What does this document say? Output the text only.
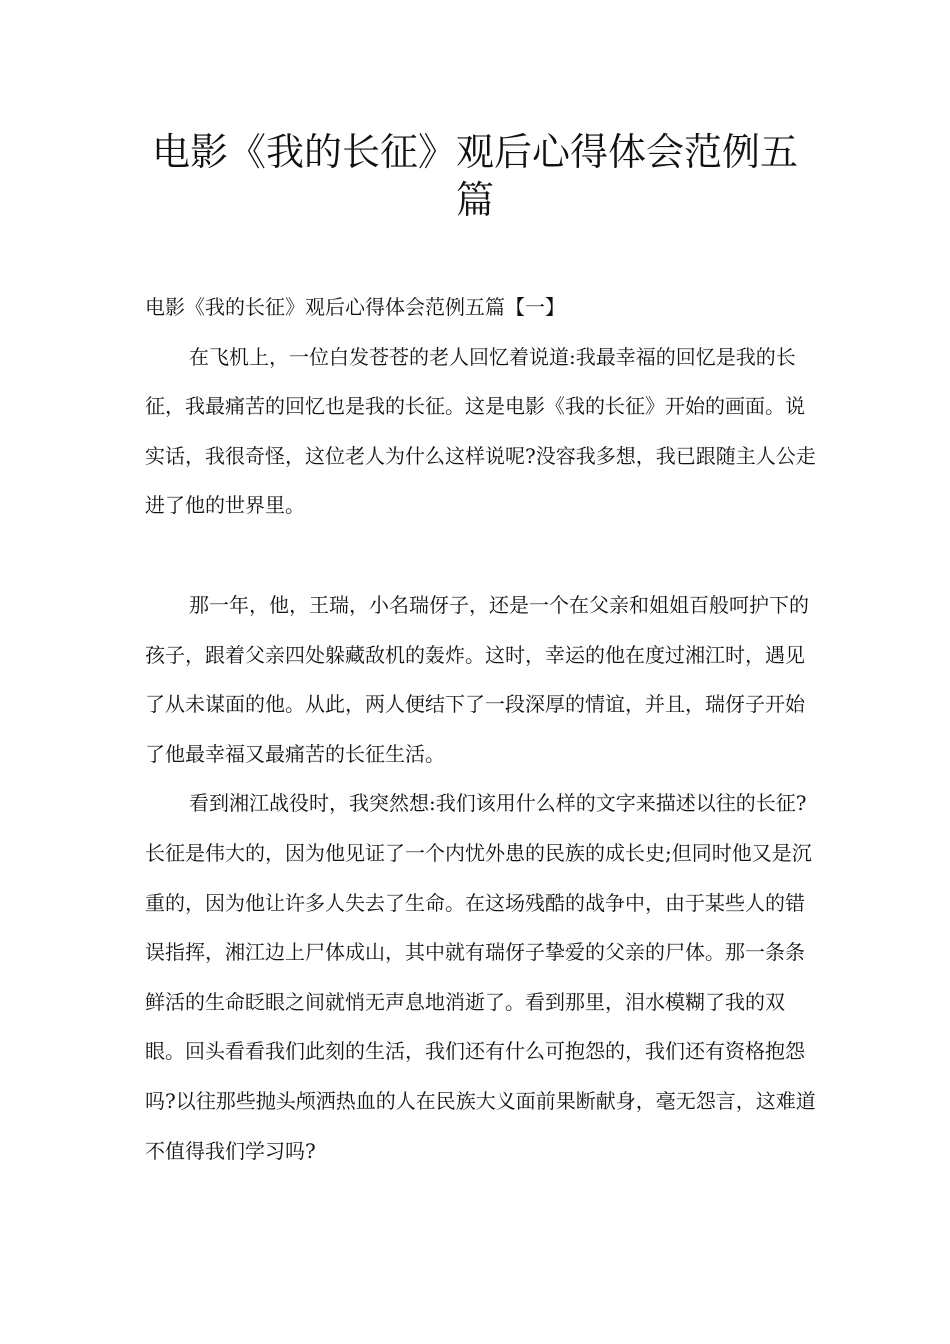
电影《我的长征》观后心得体会范例五篇

电影《我的长征》观后心得体会范例五篇【一】

在飞机上，一位白发苍苍的老人回忆着说道:我最幸福的回忆是我的长征，我最痛苦的回忆也是我的长征。这是电影《我的长征》开始的画面。说实话，我很奇怪，这位老人为什么这样说呢?没容我多想，我已跟随主人公走进了他的世界里。

那一年，他，王瑞，小名瑞伢子，还是一个在父亲和姐姐百般呵护下的孩子，跟着父亲四处躲藏敌机的轰炸。这时，幸运的他在度过湘江时，遇见了从未谋面的他。从此，两人便结下了一段深厚的情谊，并且，瑞伢子开始了他最幸福又最痛苦的长征生活。

看到湘江战役时，我突然想:我们该用什么样的文字来描述以往的长征?长征是伟大的，因为他见证了一个内忧外患的民族的成长史;但同时他又是沉重的，因为他让许多人失去了生命。在这场残酷的战争中，由于某些人的错误指挥，湘江边上尸体成山，其中就有瑞伢子挚爱的父亲的尸体。那一条条鲜活的生命眨眼之间就悄无声息地消逝了。看到那里，泪水模糊了我的双眼。回头看看我们此刻的生活，我们还有什么可抱怨的，我们还有资格抱怨吗?以往那些抛头颅洒热血的人在民族大义面前果断献身，毫无怨言，这难道不值得我们学习吗?
